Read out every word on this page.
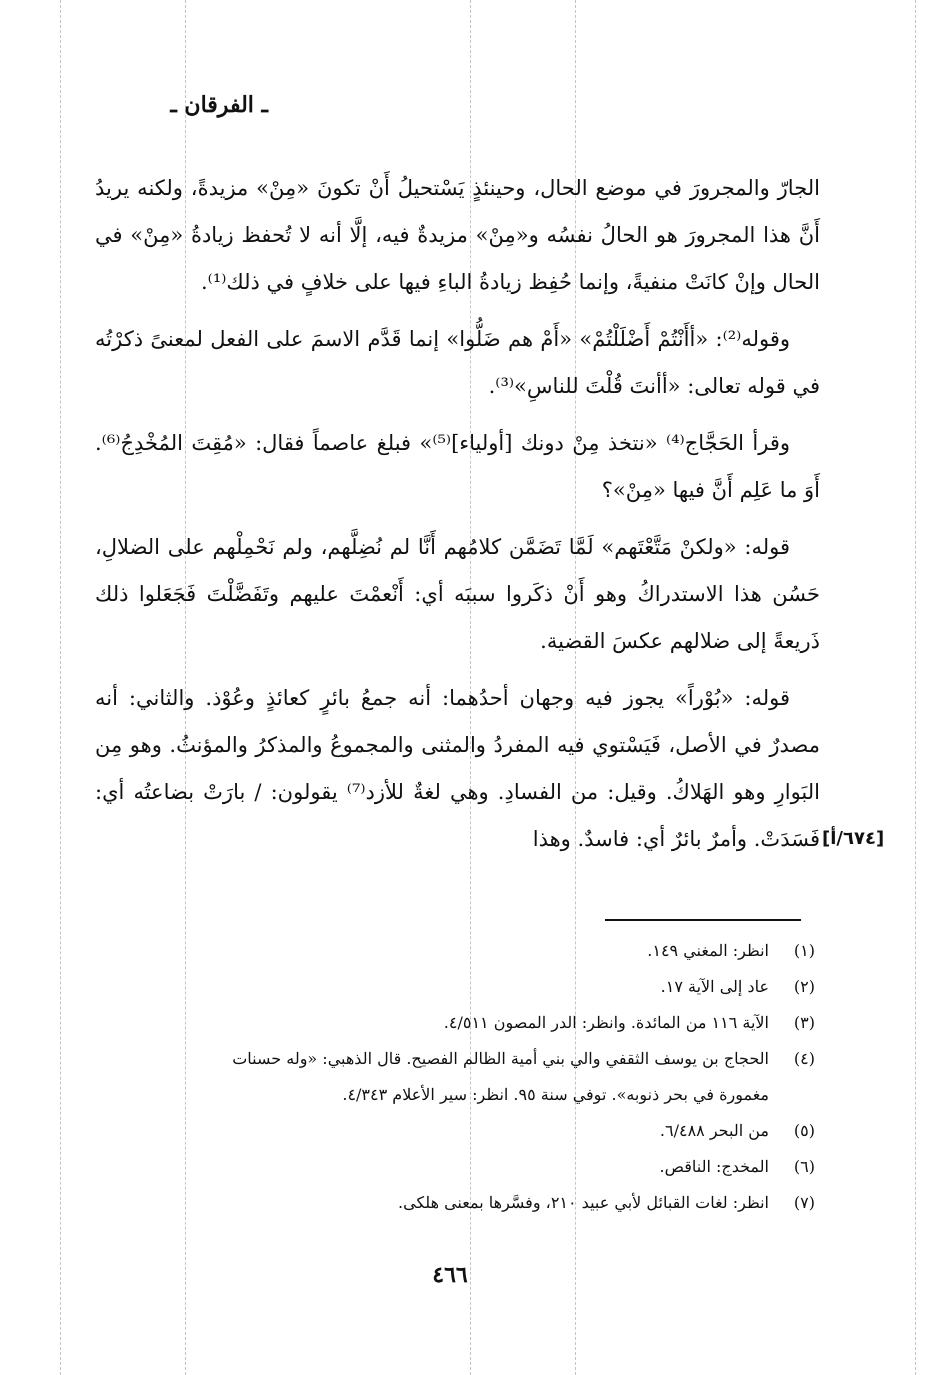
ـ الفرقان ـ

الجارّ والمجرورَ في موضع الحال، وحينئذٍ يَسْتحيلُ أَنْ تكونَ «مِنْ» مزيدةً، ولكنه يريدُ أَنَّ هذا المجرورَ هو الحالُ نفسُه و«مِنْ» مزيدةٌ فيه، إلَّا أنه لا تُحفظ زيادةُ «مِنْ» في الحال وإنْ كانَتْ منفيةً، وإنما حُفِظ زيادةُ الباءِ فيها على خلافٍ في ذلك⁽¹⁾.

وقوله⁽²⁾: «أأَنْتُمْ أَضْلَلْتُمْ» «أَمْ هم ضَلُّوا» إنما قَدَّم الاسمَ على الفعل لمعنىً ذكرْتُه في قوله تعالى: «أأنتَ قُلْتَ للناسِ»⁽³⁾.

وقرأ الحَجَّاج⁽⁴⁾ «نتخذ مِنْ دونك [أولياء]⁽⁵⁾» فبلغ عاصماً فقال: «مُقِتَ المُخْدِجُ⁽⁶⁾. أَوَ ما عَلِم أَنَّ فيها «مِنْ»؟

قوله: «ولكنْ مَتَّعْتَهم» لَمَّا تَضَمَّن كلامُهم أَنَّا لم نُضِلَّهم، ولم نَحْمِلْهم على الضلالِ، حَسُن هذا الاستدراكُ وهو أَنْ ذكَروا سببَه أي: أَنْعمْتَ عليهم وتَفَضَّلْتَ فَجَعَلوا ذلك ذَريعةً إلى ضلالهم عكسَ القضية.

قوله: «بُوْراً» يجوز فيه وجهان أحدُهما: أنه جمعُ بائرٍ كعائذٍ وعُوْذ. والثاني: أنه مصدرٌ في الأصل، فَيَسْتوي فيه المفردُ والمثنى والمجموعُ والمذكرُ والمؤنثُ. وهو مِن البَوارِ وهو الهَلاكُ. وقيل: من الفسادِ. وهي لغةٌ للأزد⁽⁷⁾ يقولون: / بارَتْ بضاعتُه أي: فَسَدَتْ. وأمرٌ بائرٌ أي: فاسدٌ. وهذا [٦٧٤/أ]
(١)
انظر: المغني ١٤٩.
(٢)
عاد إلى الآية ١٧.
(٣)
الآية ١١٦ من المائدة. وانظر: الدر المصون ٤/٥١١.
(٤)
الحجاج بن يوسف الثقفي والي بني أمية الظالم الفصيح. قال الذهبي: «وله حسنات مغمورة في بحر ذنوبه». توفي سنة ٩٥. انظر: سير الأعلام ٤/٣٤٣.
(٥)
من البحر ٦/٤٨٨.
(٦)
المخدج: الناقص.
(٧)
انظر: لغات القبائل لأبي عبيد ٢١٠، وفسَّرها بمعنى هلكى.
٤٦٦
